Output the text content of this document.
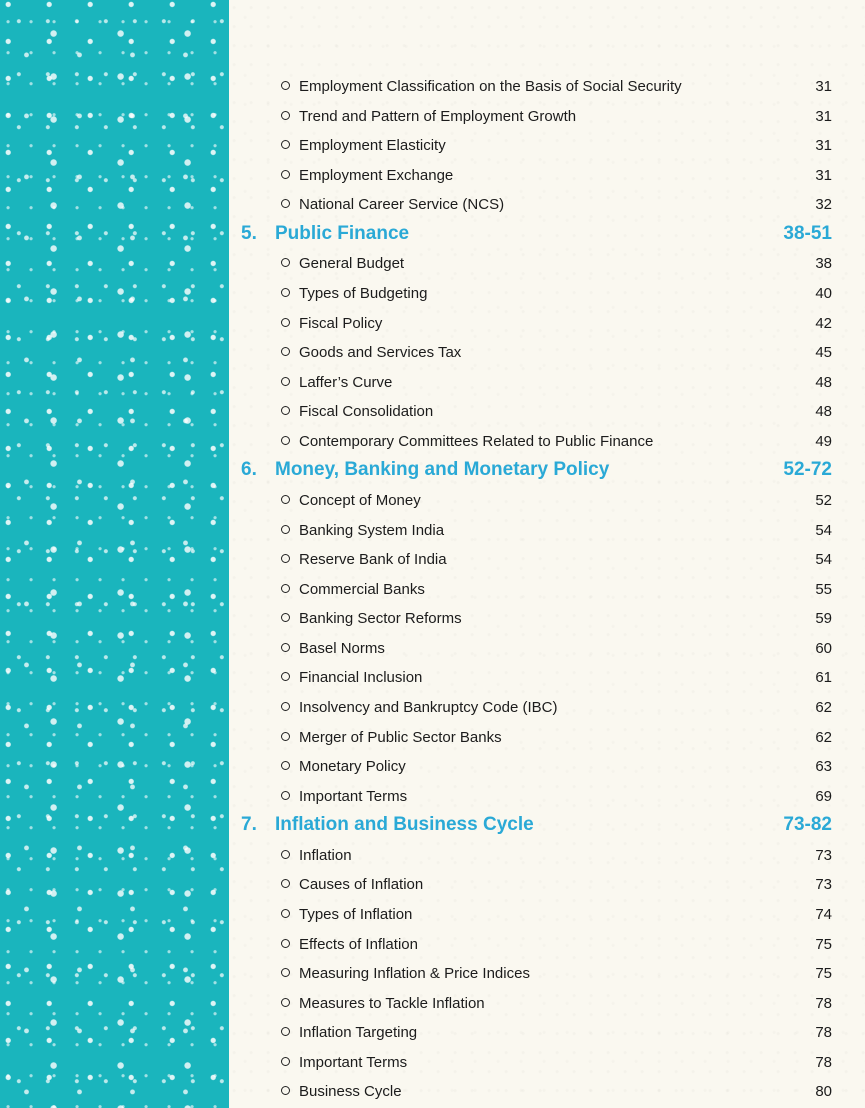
Employment Classification on the Basis of Social Security	31
Trend and Pattern of Employment Growth	31
Employment Elasticity	31
Employment Exchange	31
National Career Service (NCS)	32
5. Public Finance	38-51
General Budget	38
Types of Budgeting	40
Fiscal Policy	42
Goods and Services Tax	45
Laffer’s Curve	48
Fiscal Consolidation	48
Contemporary Committees Related to Public Finance	49
6. Money, Banking and Monetary Policy	52-72
Concept of Money	52
Banking System India	54
Reserve Bank of India	54
Commercial Banks	55
Banking Sector Reforms	59
Basel Norms	60
Financial Inclusion	61
Insolvency and Bankruptcy Code (IBC)	62
Merger of Public Sector Banks	62
Monetary Policy	63
Important Terms	69
7. Inflation and Business Cycle	73-82
Inflation	73
Causes of Inflation	73
Types of Inflation	74
Effects of Inflation	75
Measuring Inflation & Price Indices	75
Measures to Tackle Inflation	78
Inflation Targeting	78
Important Terms	78
Business Cycle	80
